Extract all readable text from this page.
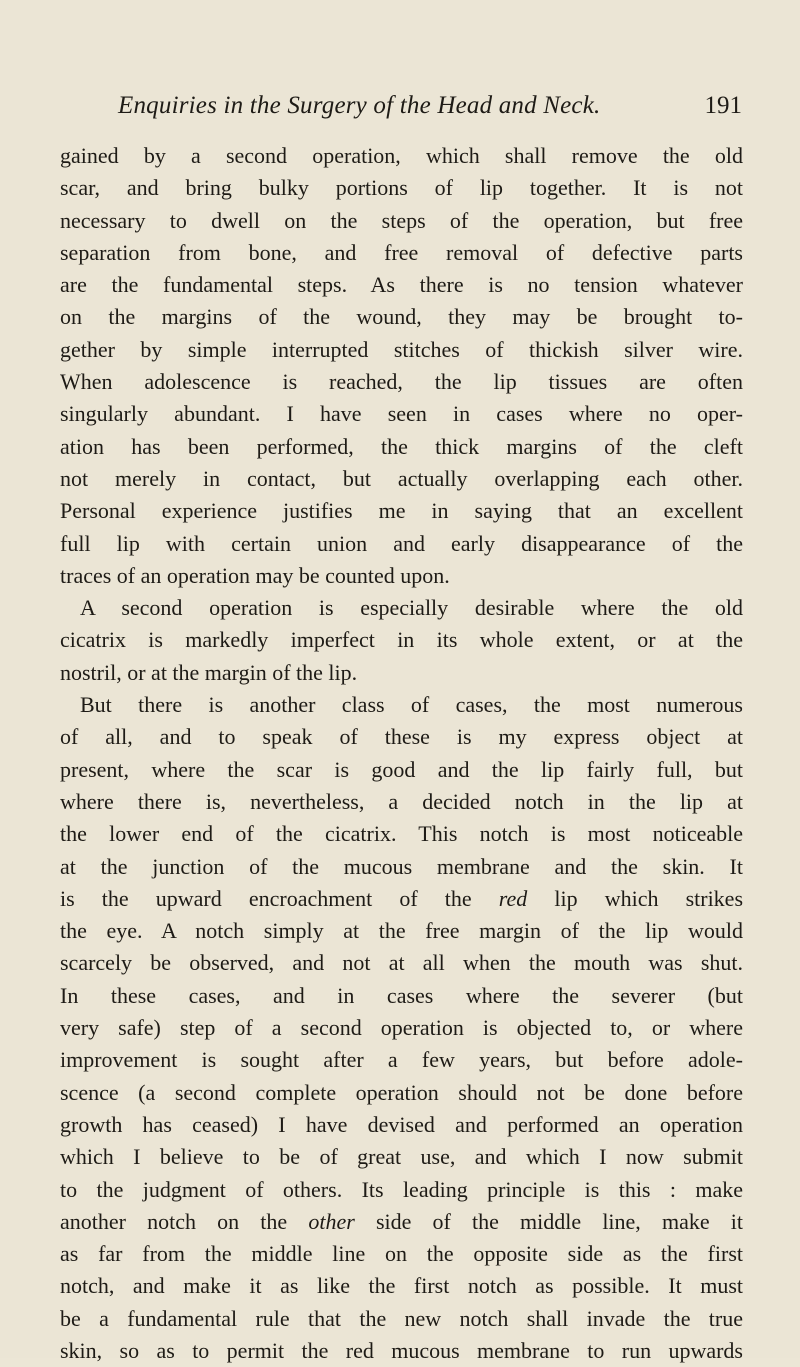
Enquiries in the Surgery of the Head and Neck.	191
gained by a second operation, which shall remove the old
scar, and bring bulky portions of lip together. It is not
necessary to dwell on the steps of the operation, but free
separation from bone, and free removal of defective parts
are the fundamental steps. As there is no tension whatever
on the margins of the wound, they may be brought to-
gether by simple interrupted stitches of thickish silver wire.
When adolescence is reached, the lip tissues are often
singularly abundant. I have seen in cases where no oper-
ation has been performed, the thick margins of the cleft
not merely in contact, but actually overlapping each other.
Personal experience justifies me in saying that an excellent
full lip with certain union and early disappearance of the
traces of an operation may be counted upon.
A second operation is especially desirable where the old
cicatrix is markedly imperfect in its whole extent, or at the
nostril, or at the margin of the lip.
But there is another class of cases, the most numerous
of all, and to speak of these is my express object at
present, where the scar is good and the lip fairly full, but
where there is, nevertheless, a decided notch in the lip at
the lower end of the cicatrix. This notch is most noticeable
at the junction of the mucous membrane and the skin. It
is the upward encroachment of the red lip which strikes
the eye. A notch simply at the free margin of the lip would
scarcely be observed, and not at all when the mouth was shut.
In these cases, and in cases where the severer (but
very safe) step of a second operation is objected to, or where
improvement is sought after a few years, but before adole-
scence (a second complete operation should not be done before
growth has ceased) I have devised and performed an operation
which I believe to be of great use, and which I now submit
to the judgment of others. Its leading principle is this : make
another notch on the other side of the middle line, make it
as far from the middle line on the opposite side as the first
notch, and make it as like the first notch as possible. It must
be a fundamental rule that the new notch shall invade the true
skin, so as to permit the red mucous membrane to run upwards
